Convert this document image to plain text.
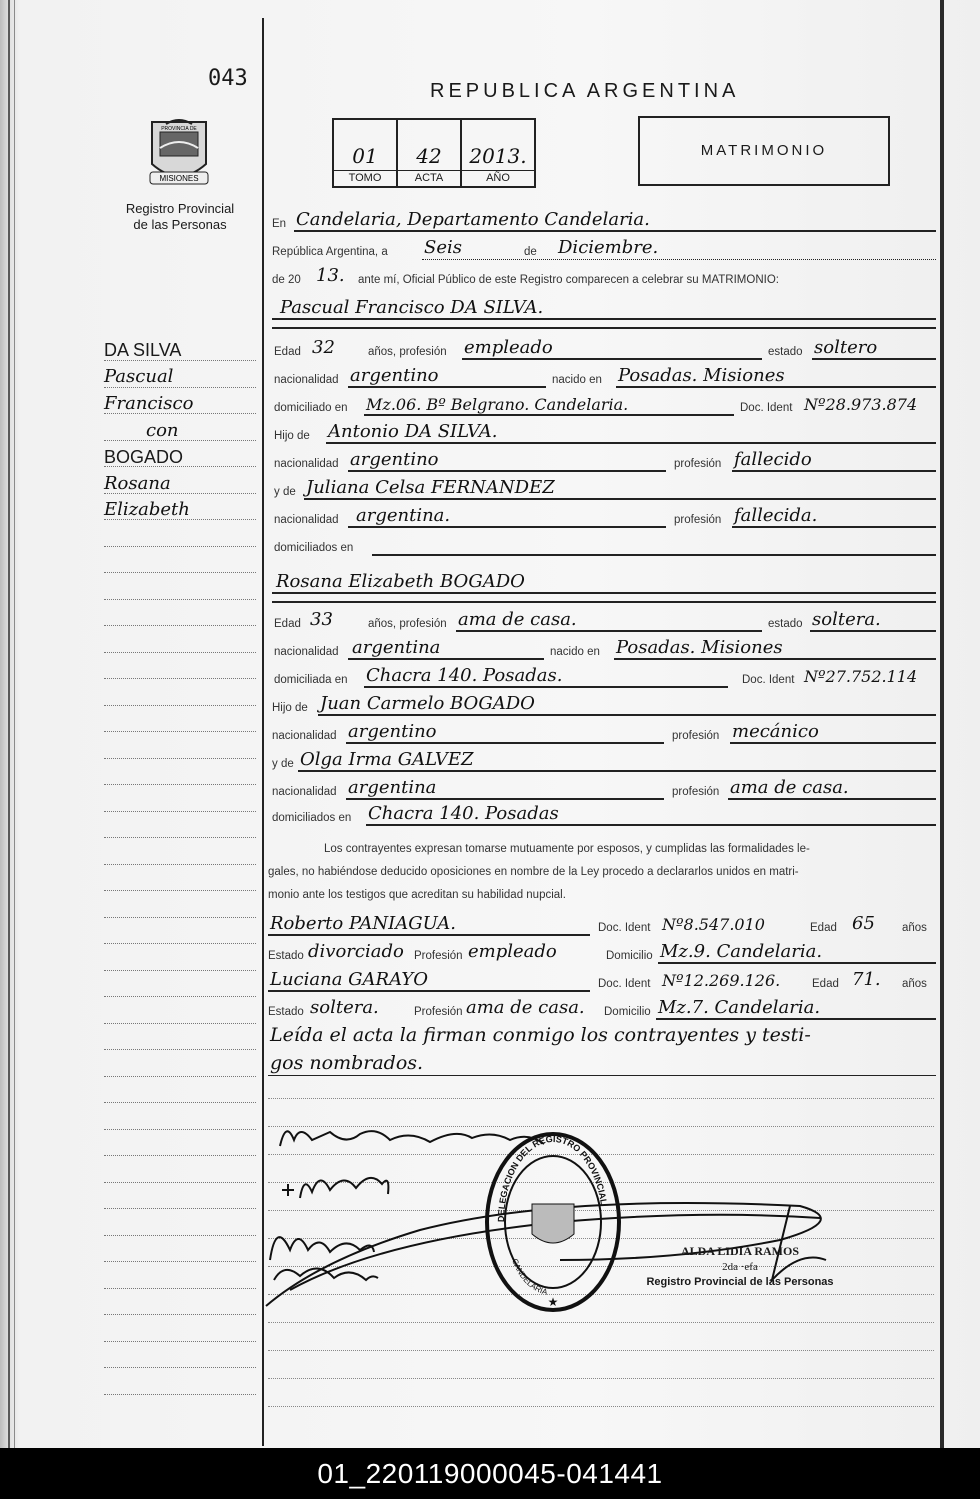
043	REPUBLICA ARGENTINA
MISIONES
PROVINCIA DE
Registro Provincial
de las Personas
01
TOMO
42
ACTA
2013.
AÑO
MATRIMONIO
DA SILVA
Pascual
Francisco
con
BOGADO
Rosana
Elizabeth
En Candelaria, Departamento Candelaria.
República Argentina, a Seis	de Diciembre.
de 20 13. ante mí, Oficial Público de este Registro comparecen a celebrar su MATRIMONIO:
Pascual Francisco DA SILVA.
Edad 32	años, profesión empleado	estado soltero
nacionalidad argentino	nacido en Posadas. Misiones
domiciliado en Mz.06. Bº Belgrano. Candelaria.	Doc. Ident Nº28.973.874
Hijo de Antonio DA SILVA.
nacionalidad argentino	profesión fallecido
y de Juliana Celsa FERNANDEZ
nacionalidad argentina.	profesión fallecida.
domiciliados en
Rosana Elizabeth BOGADO
Edad 33	años, profesión ama de casa.	estado soltera.
nacionalidad argentina	nacido en Posadas. Misiones
domiciliada en Chacra 140. Posadas.	Doc. Ident Nº27.752.114
Hijo de Juan Carmelo BOGADO
nacionalidad argentino	profesión mecánico
y de Olga Irma GALVEZ
nacionalidad argentina	profesión ama de casa.
domiciliados en Chacra 140. Posadas
Los contrayentes expresan tomarse mutuamente por esposos, y cumplidas las formalidades le-
gales, no habiéndose deducido oposiciones en nombre de la Ley procedo a declararlos unidos en matri-
monio ante los testigos que acreditan su habilidad nupcial.
Roberto PANIAGUA.	Doc. Ident Nº8.547.010	Edad 65 años
Estado divorciado Profesión empleado	Domicilio Mz.9. Candelaria.
Luciana GARAYO	Doc. Ident Nº12.269.126.	Edad 71. años
Estado soltera.	Profesión ama de casa. Domicilio Mz.7. Candelaria.
Leída el acta la firman conmigo los contrayentes y testi-
gos nombrados.
DELEGACION DEL REGISTRO PROVINCIAL
CANDELARIA
★
ALDA LIDIA RAMOS
2da ·efa
Registro Provincial de las Personas
01_220119000045-041441
